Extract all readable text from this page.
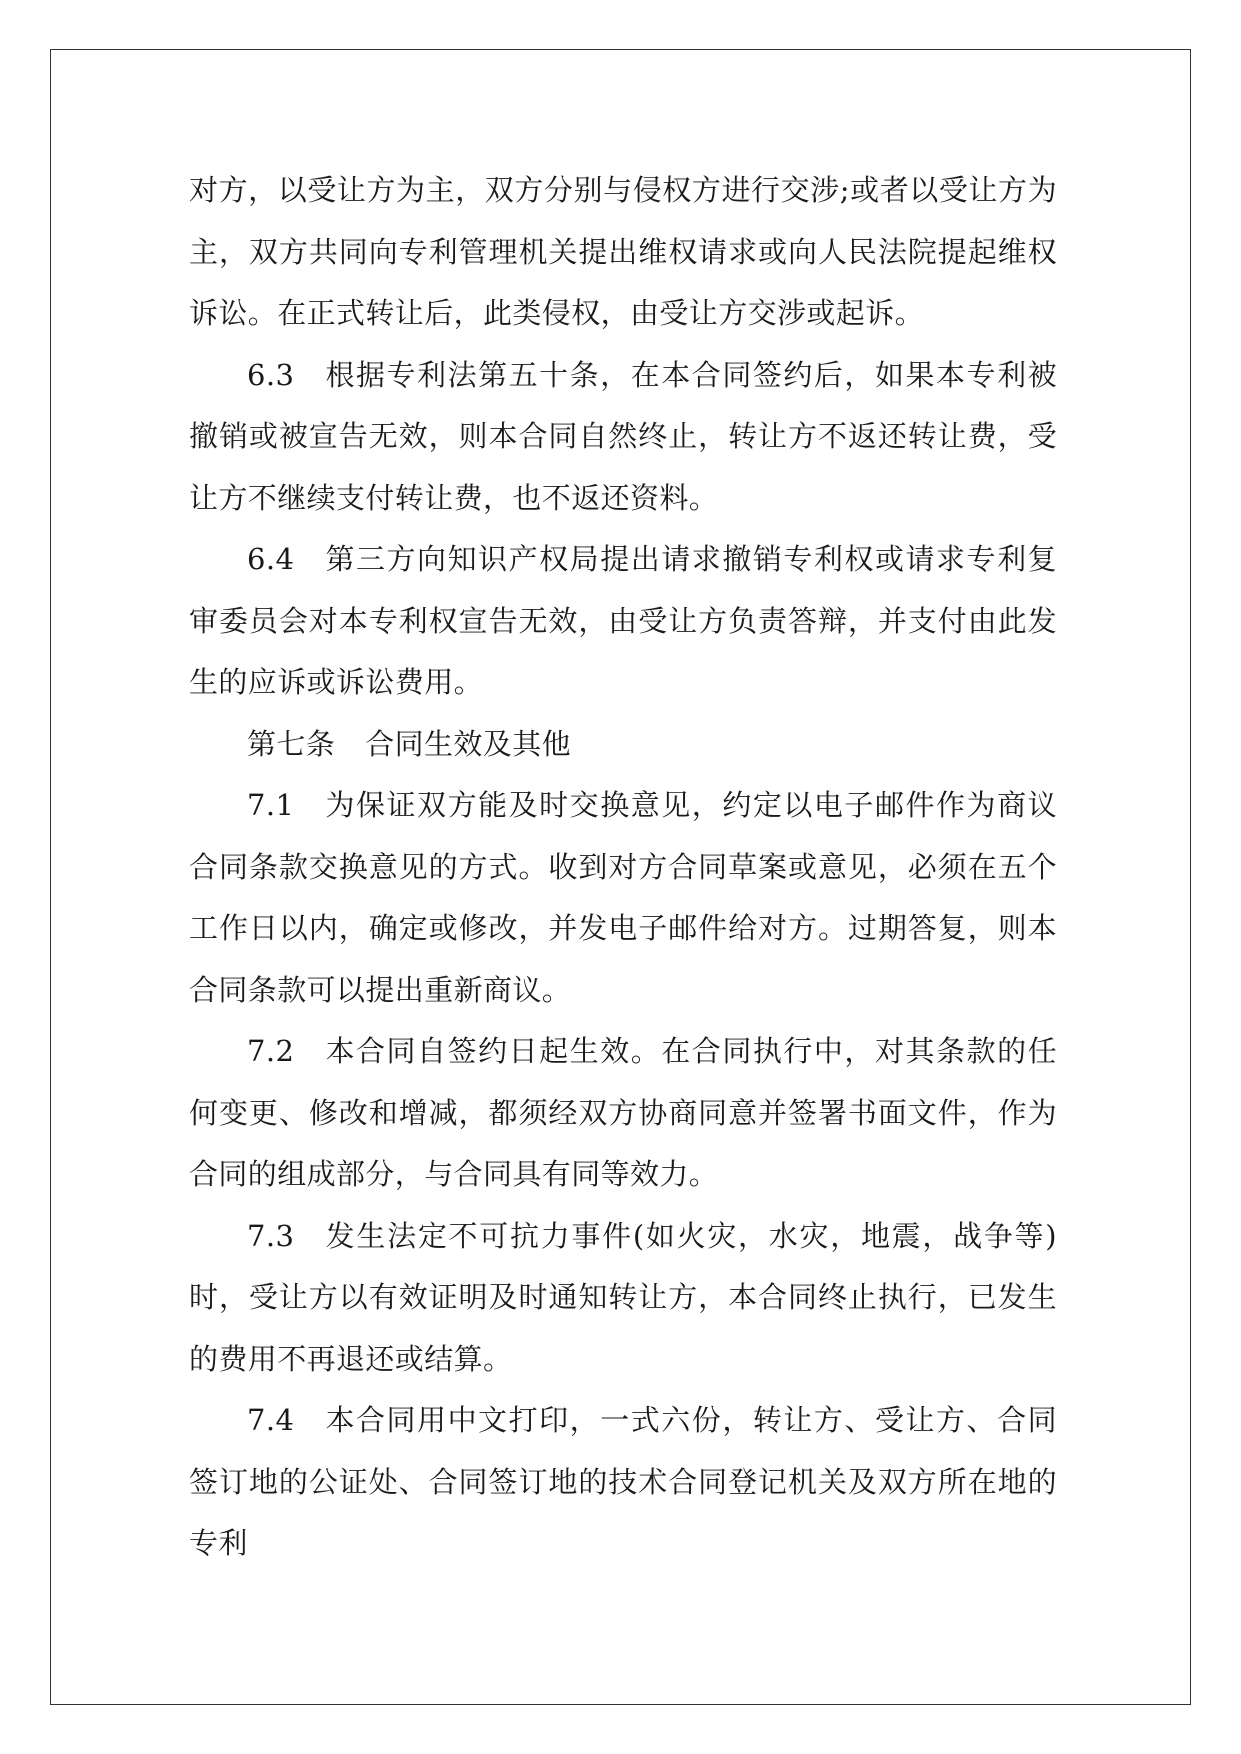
对方，以受让方为主，双方分别与侵权方进行交涉;或者以受让方为主，双方共同向专利管理机关提出维权请求或向人民法院提起维权诉讼。在正式转让后，此类侵权，由受让方交涉或起诉。

6.3 根据专利法第五十条，在本合同签约后，如果本专利被撤销或被宣告无效，则本合同自然终止，转让方不返还转让费，受让方不继续支付转让费，也不返还资料。

6.4 第三方向知识产权局提出请求撤销专利权或请求专利复审委员会对本专利权宣告无效，由受让方负责答辩，并支付由此发生的应诉或诉讼费用。

第七条 合同生效及其他

7.1 为保证双方能及时交换意见，约定以电子邮件作为商议合同条款交换意见的方式。收到对方合同草案或意见，必须在五个工作日以内，确定或修改，并发电子邮件给对方。过期答复，则本合同条款可以提出重新商议。

7.2 本合同自签约日起生效。在合同执行中，对其条款的任何变更、修改和增减，都须经双方协商同意并签署书面文件，作为合同的组成部分，与合同具有同等效力。

7.3 发生法定不可抗力事件(如火灾，水灾，地震，战争等)时，受让方以有效证明及时通知转让方，本合同终止执行，已发生的费用不再退还或结算。

7.4 本合同用中文打印，一式六份，转让方、受让方、合同签订地的公证处、合同签订地的技术合同登记机关及双方所在地的专利
